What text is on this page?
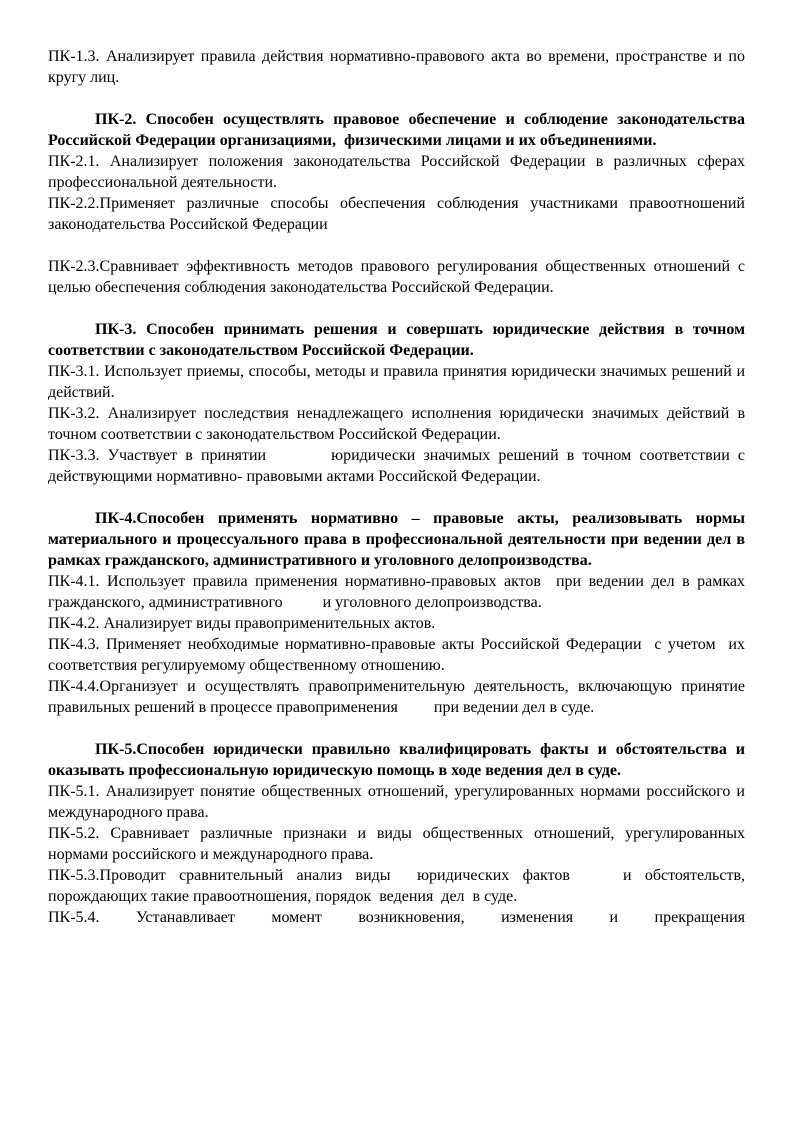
ПК-1.3. Анализирует правила действия нормативно-правового акта во времени, пространстве и по кругу лиц.

ПК-2. Способен осуществлять правовое обеспечение и соблюдение законодательства Российской Федерации организациями,  физическими лицами и их объединениями.

ПК-2.1. Анализирует положения законодательства Российской Федерации в различных сферах профессиональной деятельности.

ПК-2.2.Применяет различные способы обеспечения соблюдения участниками правоотношений законодательства Российской Федерации

ПК-2.3.Сравнивает эффективность методов правового регулирования общественных отношений с целью обеспечения соблюдения законодательства Российской Федерации.

ПК-3. Способен принимать решения и совершать юридические действия в точном соответствии с законодательством Российской Федерации.

ПК-3.1. Использует приемы, способы, методы и правила принятия юридически значимых решений и действий.

ПК-3.2. Анализирует последствия ненадлежащего исполнения юридически значимых действий в  точном соответствии с законодательством Российской Федерации.

ПК-3.3. Участвует в принятии        юридически значимых решений в точном соответствии с действующими нормативно- правовыми актами Российской Федерации.

ПК-4.Способен применять нормативно – правовые акты, реализовывать нормы материального и процессуального права в профессиональной деятельности при ведении дел в рамках гражданского, административного и уголовного делопроизводства.

ПК-4.1. Использует правила применения нормативно-правовых актов  при ведении дел в рамках гражданского, административного          и уголовного делопроизводства.

ПК-4.2. Анализирует виды правоприменительных актов.

ПК-4.3. Применяет необходимые нормативно-правовые акты Российской Федерации  с учетом  их соответствия регулируемому общественному отношению.

ПК-4.4.Организует и осуществлять правоприменительную деятельность, включающую принятие правильных решений в процессе правоприменения         при ведении дел в суде.

ПК-5.Способен юридически правильно квалифицировать факты и обстоятельства и оказывать профессиональную юридическую помощь в ходе ведения дел в суде.

ПК-5.1. Анализирует понятие общественных отношений, урегулированных нормами российского и международного права.

ПК-5.2. Сравнивает различные признаки и виды общественных отношений, урегулированных нормами российского и международного права.

ПК-5.3.Проводит сравнительный анализ виды  юридических фактов    и обстоятельств, порождающих такие правоотношения, порядок  ведения  дел  в суде.

ПК-5.4. Устанавливает момент возникновения, изменения и прекращения
